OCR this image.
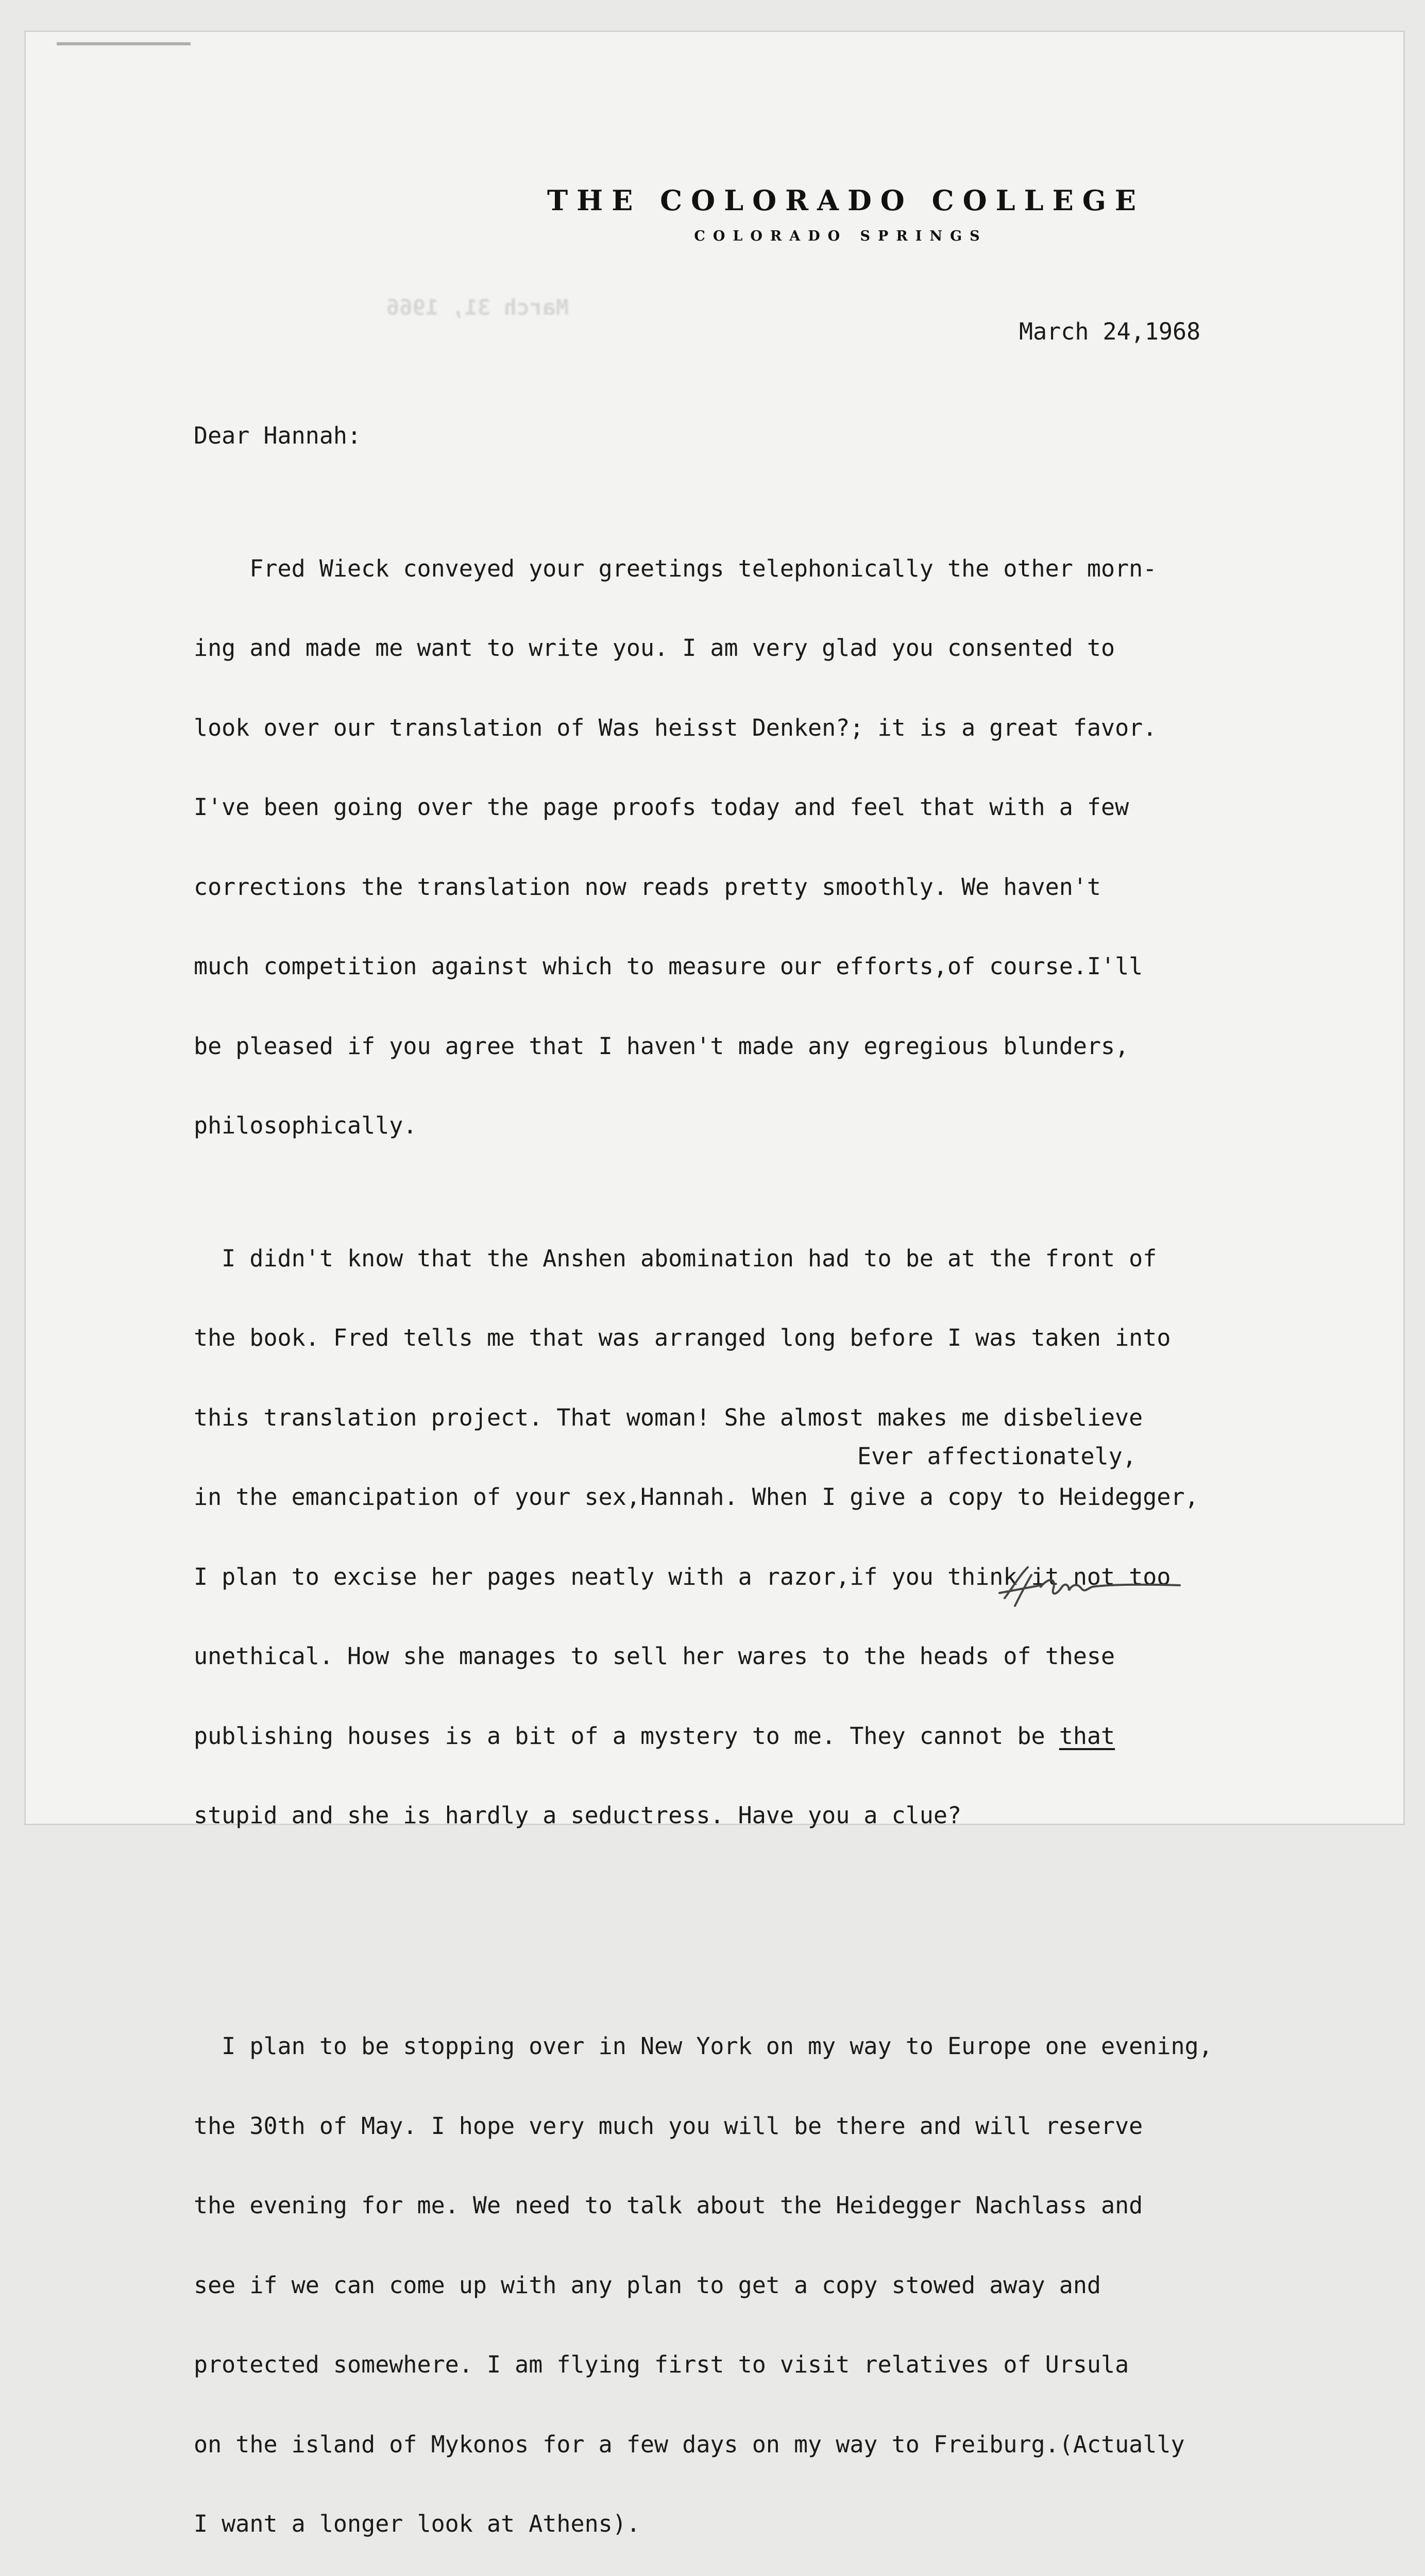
THE COLORADO COLLEGE
COLORADO SPRINGS
March 31, 1966
March 24,1968

Dear Hannah:

Fred Wieck conveyed your greetings telephonically the other morn-

ing and made me want to write you. I am very glad you consented to

look over our translation of Was heisst Denken?; it is a great favor.

I've been going over the page proofs today and feel that with a few

corrections the translation now reads pretty smoothly. We haven't

much competition against which to measure our efforts,of course.I'll

be pleased if you agree that I haven't made any egregious blunders,

philosophically.

I didn't know that the Anshen abomination had to be at the front of

the book. Fred tells me that was arranged long before I was taken into

this translation project. That woman! She almost makes me disbelieve

in the emancipation of your sex,Hannah. When I give a copy to Heidegger,

I plan to excise her pages neatly with a razor,if you think it not too

unethical. How she manages to sell her wares to the heads of these

publishing houses is a bit of a mystery to me. They cannot be that

stupid and she is hardly a seductress. Have you a clue?

I plan to be stopping over in New York on my way to Europe one evening,

the 30th of May. I hope very much you will be there and will reserve

the evening for me. We need to talk about the Heidegger Nachlass and

see if we can come up with any plan to get a copy stowed away and

protected somewhere. I am flying first to visit relatives of Ursula

on the island of Mykonos for a few days on my way to Freiburg.(Actually

I want a longer look at Athens).

Ever affectionately,
